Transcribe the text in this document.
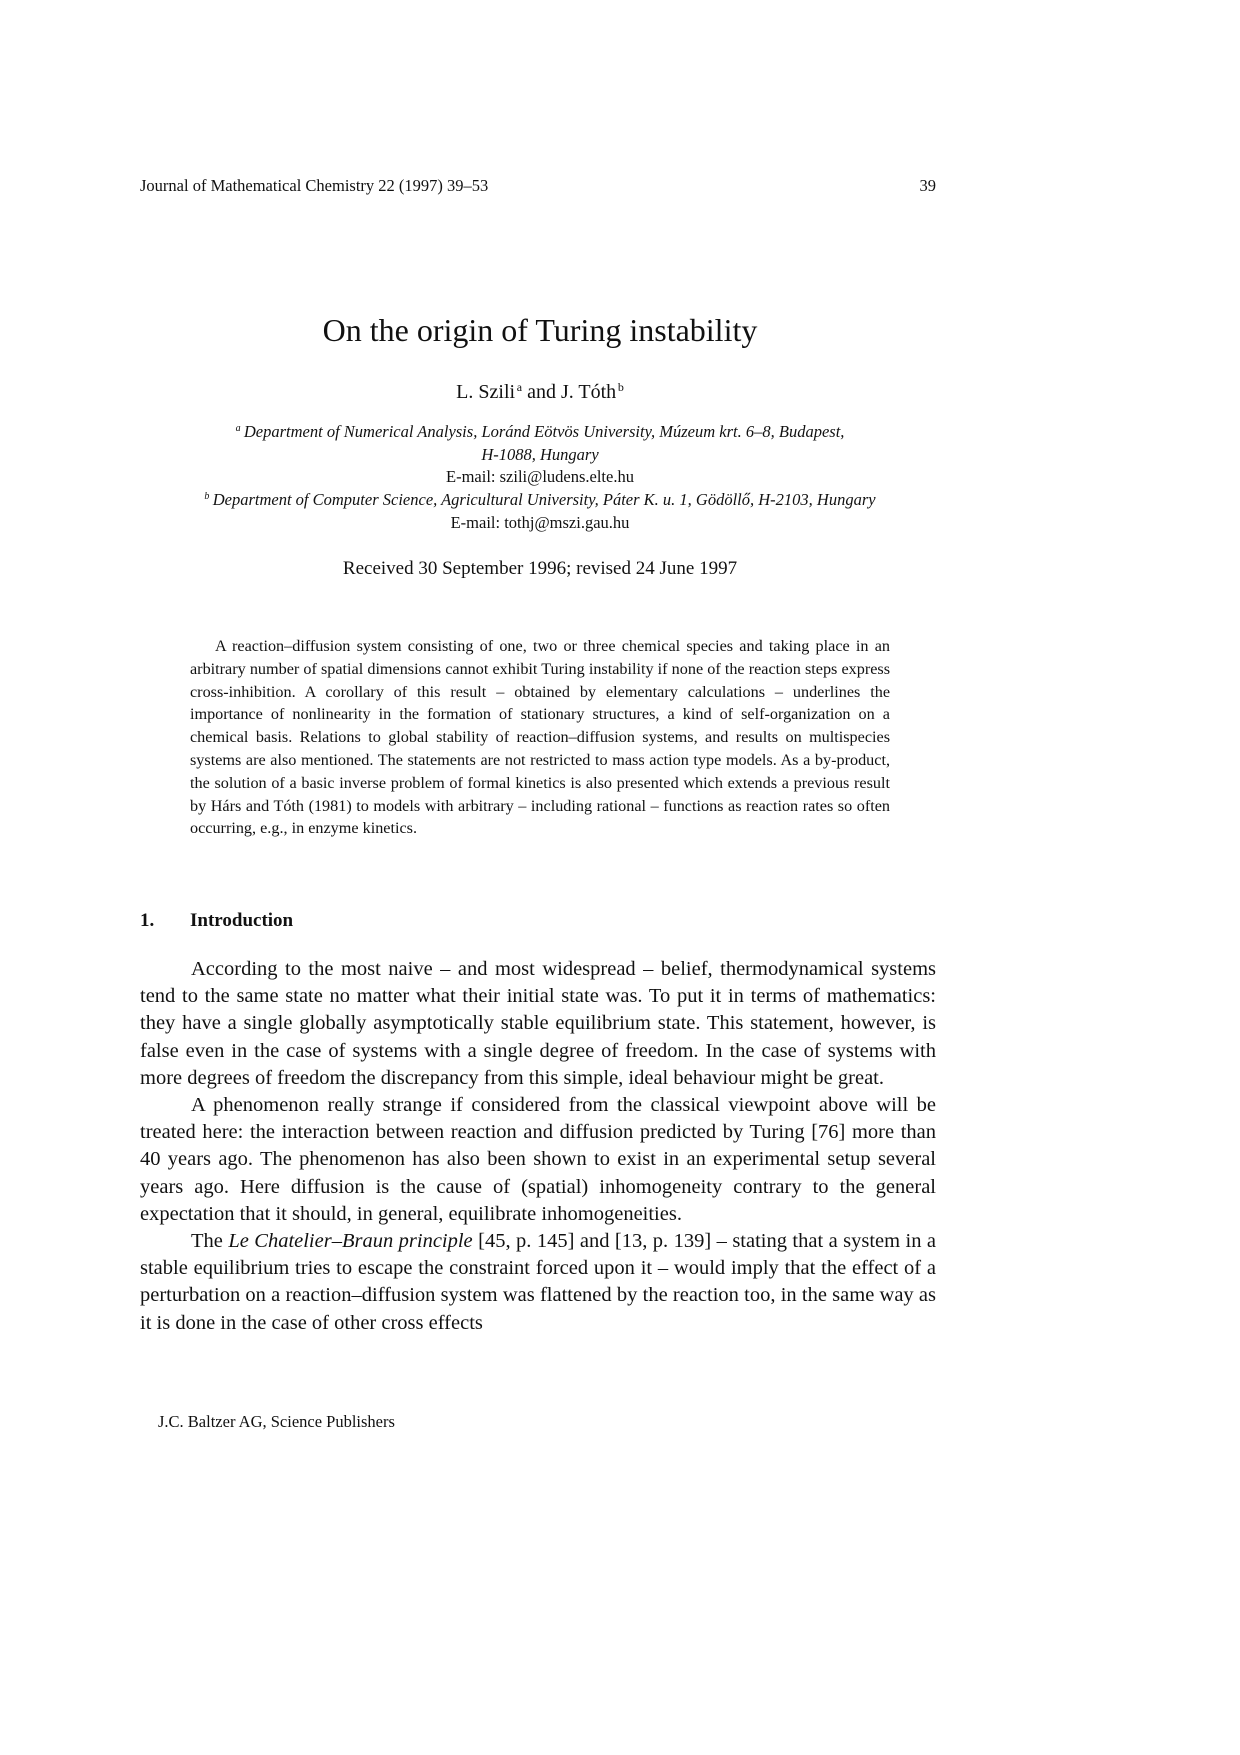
Journal of Mathematical Chemistry 22 (1997) 39–53	39
On the origin of Turing instability
L. Szili  $^a$ and J. Tóth  $^b$
$^a$  Department of Numerical Analysis, Loránd Eötvös University, Múzeum krt. 6–8, Budapest,
H-1088, Hungary
E-mail: szili@ludens.elte.hu
$^b$  Department of Computer Science, Agricultural University, Páter K. u. 1, Gödöllő, H-2103, Hungary
E-mail: tothj@mszi.gau.hu
Received 30 September 1996; revised 24 June 1997
A reaction–diffusion system consisting of one, two or three chemical species and taking place in an arbitrary number of spatial dimensions cannot exhibit Turing instability if none of the reaction steps express cross-inhibition. A corollary of this result – obtained by elementary calculations – underlines the importance of nonlinearity in the formation of stationary structures, a kind of self-organization on a chemical basis. Relations to global stability of reaction–diffusion systems, and results on multispecies systems are also mentioned. The statements are not restricted to mass action type models. As a by-product, the solution of a basic inverse problem of formal kinetics is also presented which extends a previous result by Hárs and Tóth (1981) to models with arbitrary – including rational – functions as reaction rates so often occurring, e.g., in enzyme kinetics.
1. Introduction

According to the most naive – and most widespread – belief, thermodynamical systems tend to the same state no matter what their initial state was. To put it in terms of mathematics: they have a single globally asymptotically stable equilibrium state. This statement, however, is false even in the case of systems with a single degree of freedom. In the case of systems with more degrees of freedom the discrepancy from this simple, ideal behaviour might be great.

A phenomenon really strange if considered from the classical viewpoint above will be treated here: the interaction between reaction and diffusion predicted by Turing [76] more than 40 years ago. The phenomenon has also been shown to exist in an experimental setup several years ago. Here diffusion is the cause of (spatial) inhomogeneity contrary to the general expectation that it should, in general, equilibrate inhomogeneities.

The Le Chatelier–Braun principle [45, p. 145] and [13, p. 139] – stating that a system in a stable equilibrium tries to escape the constraint forced upon it – would imply that the effect of a perturbation on a reaction–diffusion system was flattened by the reaction too, in the same way as it is done in the case of other cross effects

J.C. Baltzer AG, Science Publishers
